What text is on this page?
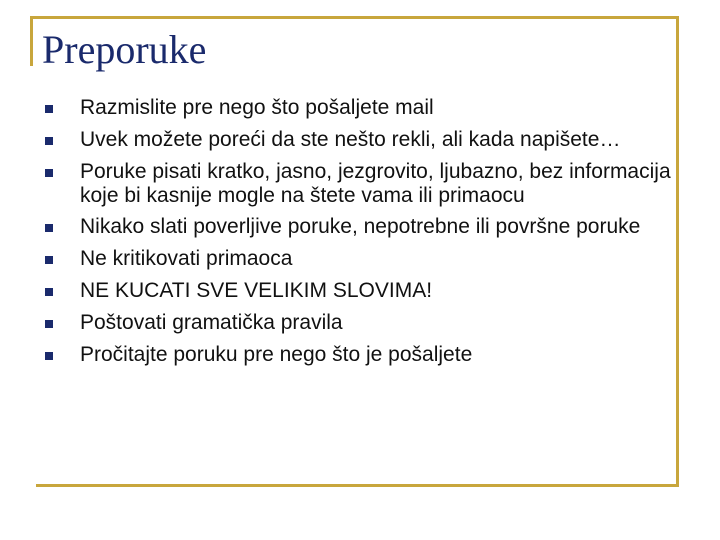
Preporuke
Razmislite pre nego što pošaljete mail
Uvek možete poreći da ste nešto rekli, ali kada napišete…
Poruke pisati kratko, jasno, jezgrovito, ljubazno, bez informacija koje bi kasnije mogle na štete vama ili primaocu
Nikako slati poverljive poruke, nepotrebne ili površne poruke
Ne kritikovati primaoca
NE KUCATI SVE VELIKIM SLOVIMA!
Poštovati gramatička pravila
Pročitajte poruku pre nego što je pošaljete
